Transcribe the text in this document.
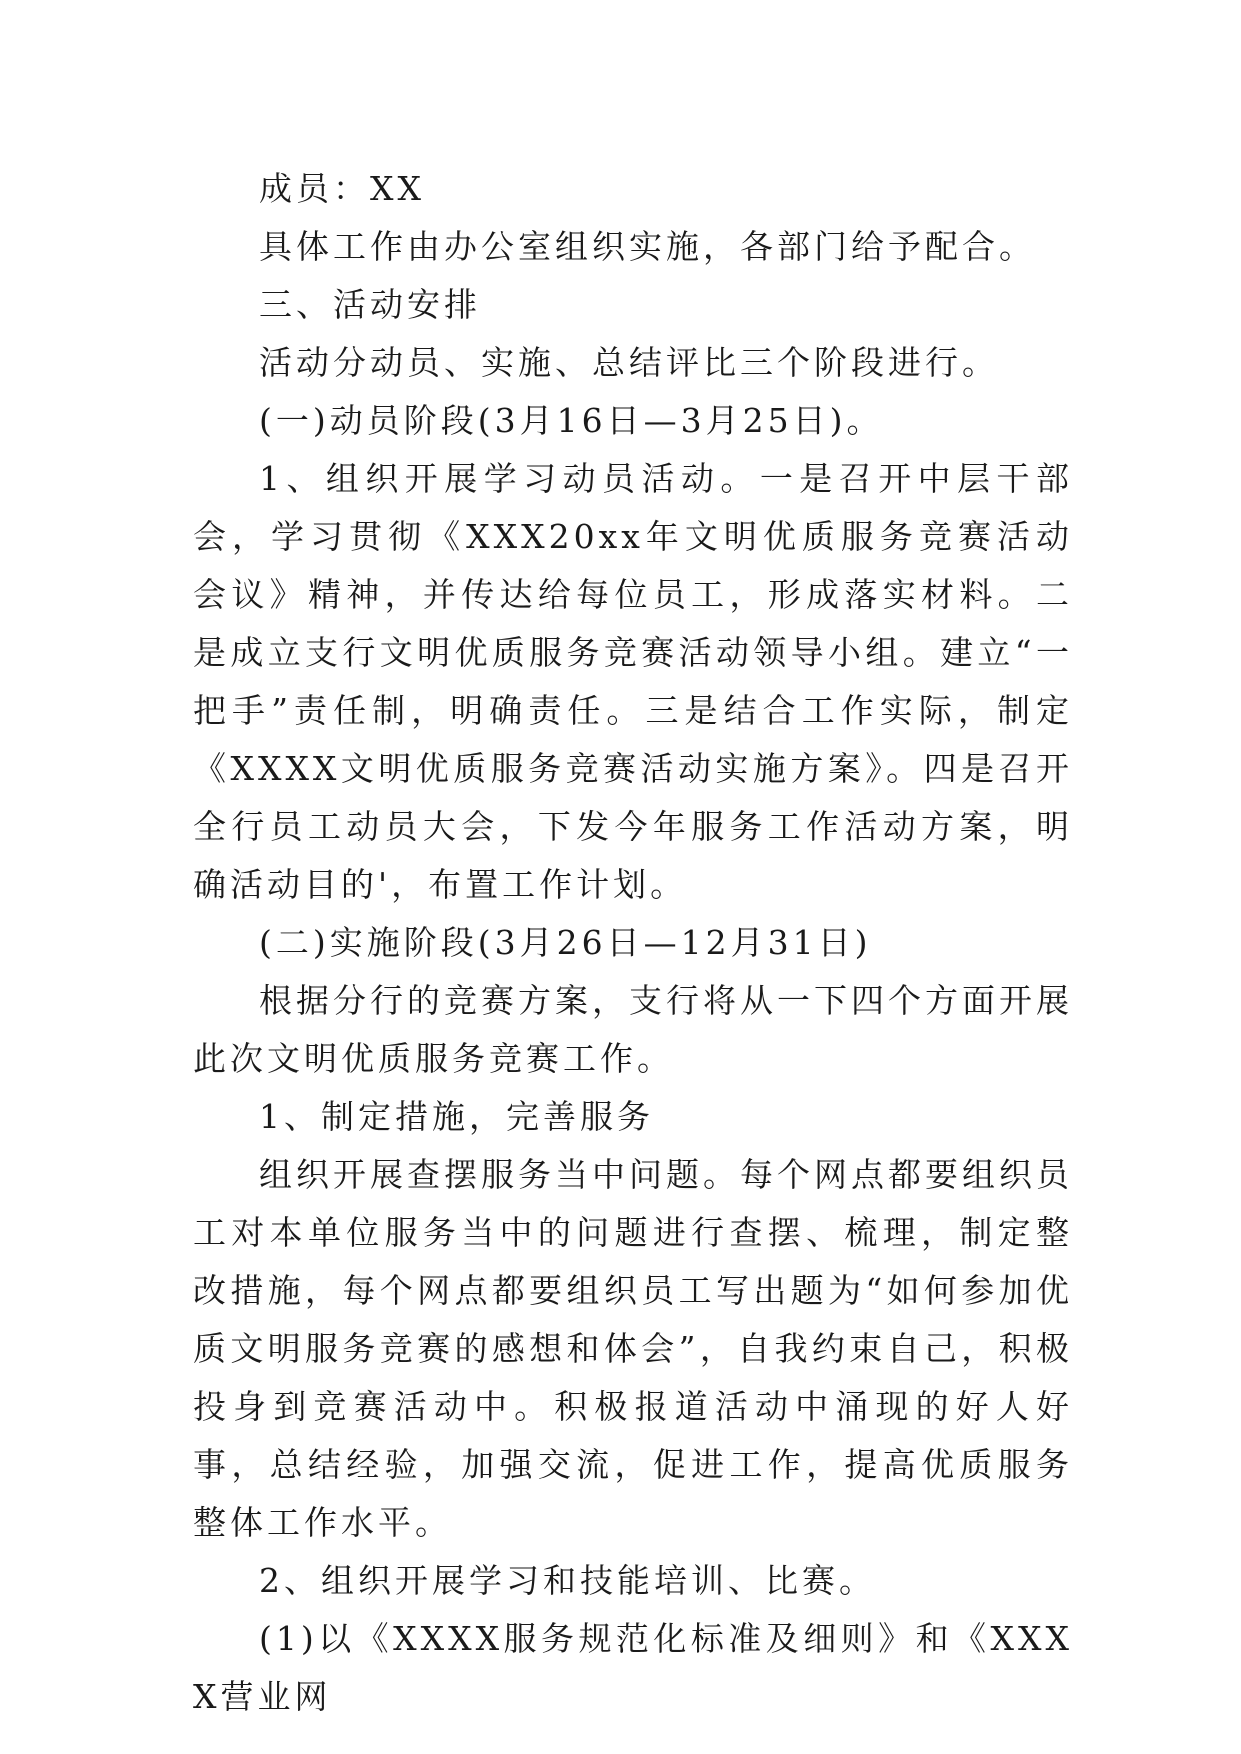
成员：XX

具体工作由办公室组织实施，各部门给予配合。

三、活动安排

活动分动员、实施、总结评比三个阶段进行。

(一)动员阶段(3月16日—3月25日)。

1、组织开展学习动员活动。一是召开中层干部会，学习贯彻《XXX20xx年文明优质服务竞赛活动会议》精神，并传达给每位员工，形成落实材料。二是成立支行文明优质服务竞赛活动领导小组。建立“一把手”责任制，明确责任。三是结合工作实际，制定《XXXX文明优质服务竞赛活动实施方案》。四是召开全行员工动员大会，下发今年服务工作活动方案，明确活动目的'，布置工作计划。

(二)实施阶段(3月26日—12月31日)

根据分行的竞赛方案，支行将从一下四个方面开展此次文明优质服务竞赛工作。

1、制定措施，完善服务

组织开展查摆服务当中问题。每个网点都要组织员工对本单位服务当中的问题进行查摆、梳理，制定整改措施，每个网点都要组织员工写出题为“如何参加优质文明服务竞赛的感想和体会”，自我约束自己，积极投身到竞赛活动中。积极报道活动中涌现的好人好事，总结经验，加强交流，促进工作，提高优质服务整体工作水平。

2、组织开展学习和技能培训、比赛。

(1)以《XXXX服务规范化标准及细则》和《XXXX营业网
